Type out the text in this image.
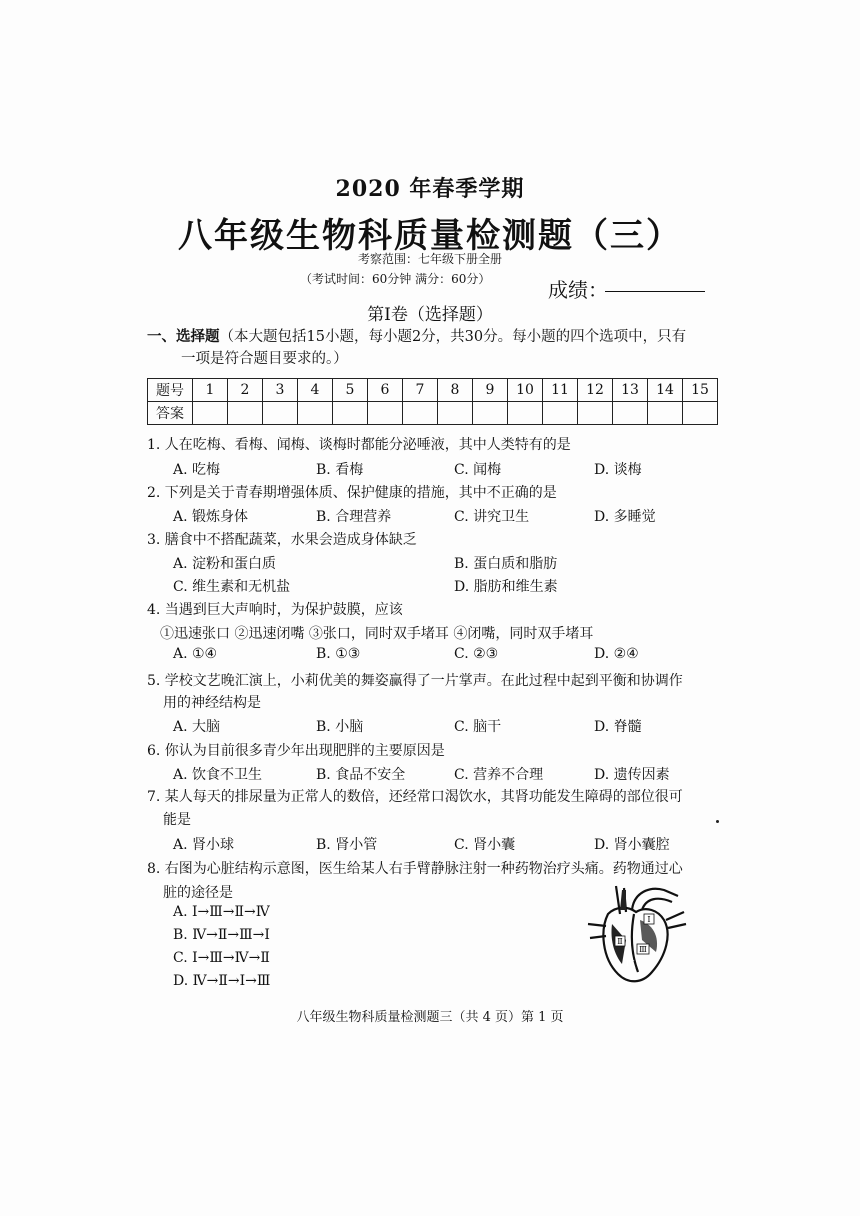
2020 年春季学期
八年级生物科质量检测题（三）
考察范围：七年级下册全册
（考试时间：60分钟 满分：60分）	成绩：
第Ⅰ卷（选择题）
一、选择题（本大题包括15小题，每小题2分，共30分。每小题的四个选项中，只有
一项是符合题目要求的。）
题号	1	2	3	4	5	6	7	8	9	10	11	12	13	14	15
答案															
1. 人在吃梅、看梅、闻梅、谈梅时都能分泌唾液，其中人类特有的是
A. 吃梅	B. 看梅	C. 闻梅	D. 谈梅
2. 下列是关于青春期增强体质、保护健康的措施，其中不正确的是
A. 锻炼身体	B. 合理营养	C. 讲究卫生	D. 多睡觉
3. 膳食中不搭配蔬菜，水果会造成身体缺乏
A. 淀粉和蛋白质	B. 蛋白质和脂肪
C. 维生素和无机盐	D. 脂肪和维生素
4. 当遇到巨大声响时，为保护鼓膜，应该
①迅速张口 ②迅速闭嘴 ③张口，同时双手堵耳 ④闭嘴，同时双手堵耳
A. ①④	B. ①③	C. ②③	D. ②④
5. 学校文艺晚汇演上，小莉优美的舞姿赢得了一片掌声。在此过程中起到平衡和协调作
用的神经结构是
A. 大脑	B. 小脑	C. 脑干	D. 脊髓
6. 你认为目前很多青少年出现肥胖的主要原因是
A. 饮食不卫生	B. 食品不安全	C. 营养不合理	D. 遗传因素
7. 某人每天的排尿量为正常人的数倍，还经常口渴饮水，其肾功能发生障碍的部位很可
能是
A. 肾小球	B. 肾小管	C. 肾小囊	D. 肾小囊腔
8. 右图为心脏结构示意图，医生给某人右手臂静脉注射一种药物治疗头痛。药物通过心
脏的途径是
A. Ⅰ→Ⅲ→Ⅱ→Ⅳ
B. Ⅳ→Ⅱ→Ⅲ→Ⅰ
C. Ⅰ→Ⅲ→Ⅳ→Ⅱ
D. Ⅳ→Ⅱ→Ⅰ→Ⅲ
Ⅰ
Ⅱ
Ⅲ
Ⅳ
八年级生物科质量检测题三（共 4 页）第 1 页
